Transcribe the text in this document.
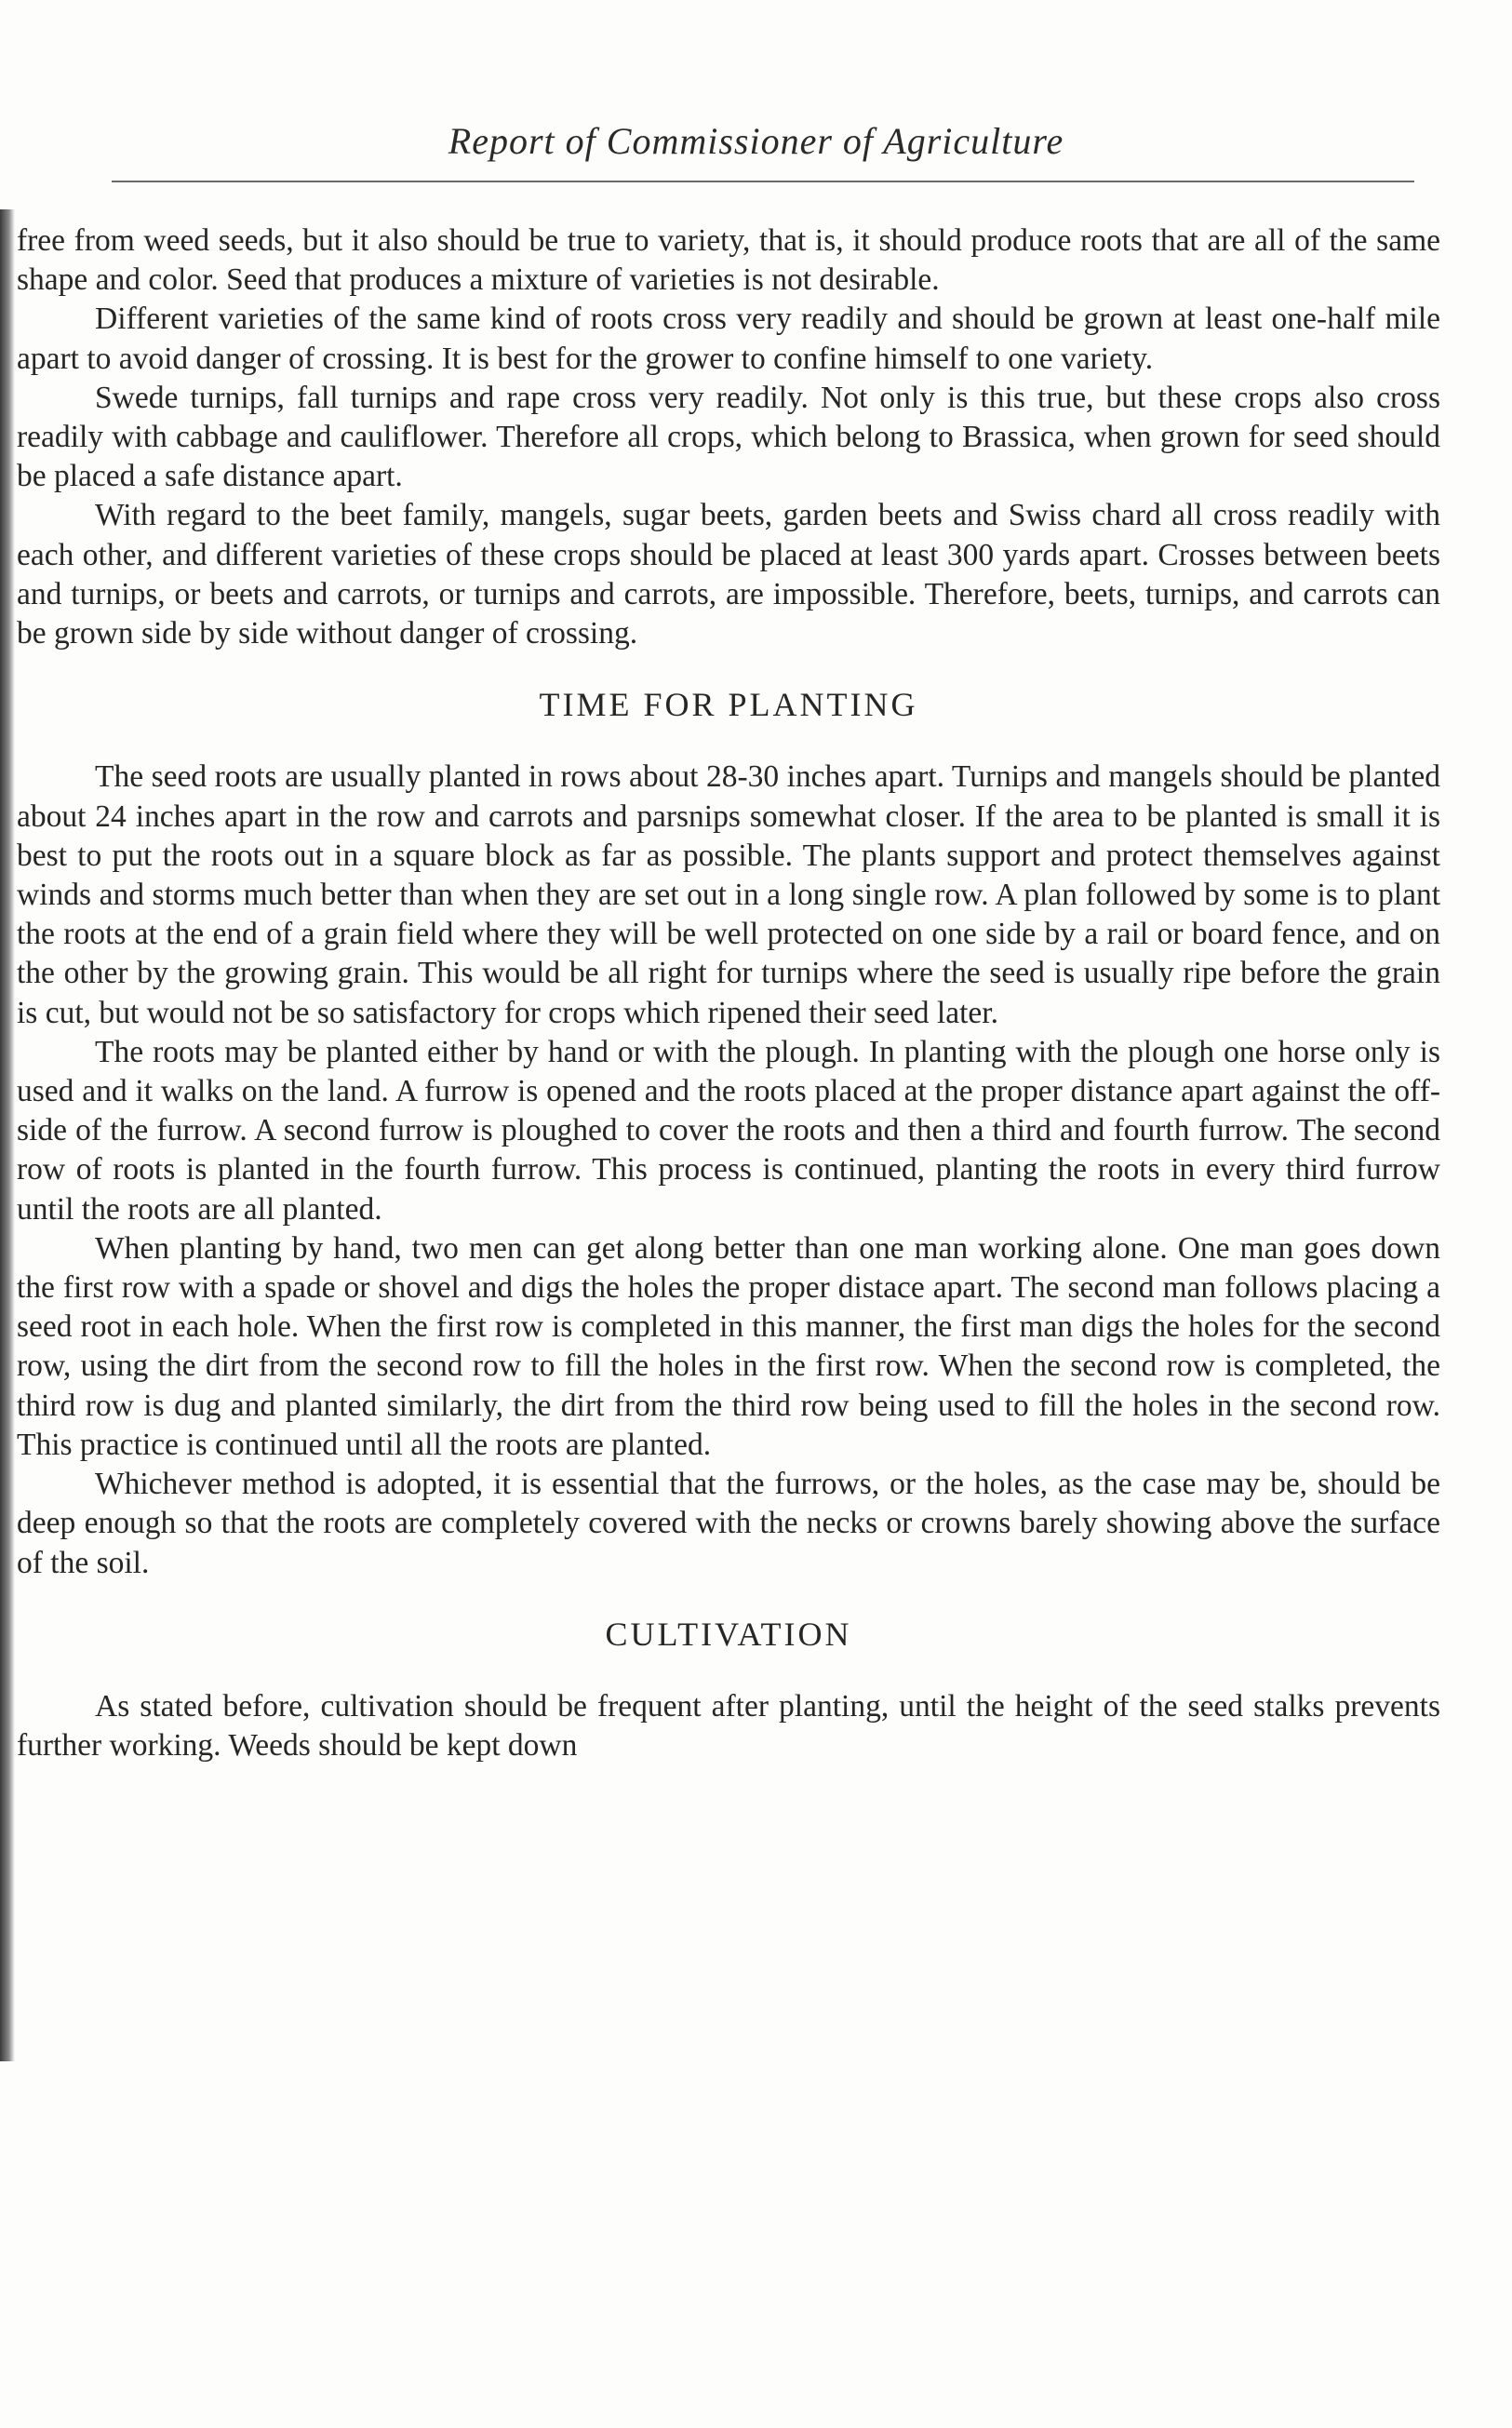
Report of Commissioner of Agriculture

free from weed seeds, but it also should be true to variety, that is, it should produce roots that are all of the same shape and color. Seed that produces a mixture of varieties is not desirable.

Different varieties of the same kind of roots cross very readily and should be grown at least one-half mile apart to avoid danger of crossing. It is best for the grower to confine himself to one variety.

Swede turnips, fall turnips and rape cross very readily. Not only is this true, but these crops also cross readily with cabbage and cauliflower. Therefore all crops, which belong to Brassica, when grown for seed should be placed a safe distance apart.

With regard to the beet family, mangels, sugar beets, garden beets and Swiss chard all cross readily with each other, and different varieties of these crops should be placed at least 300 yards apart. Crosses between beets and turnips, or beets and carrots, or turnips and carrots, are impossible. Therefore, beets, turnips, and carrots can be grown side by side without danger of crossing.

TIME FOR PLANTING

The seed roots are usually planted in rows about 28-30 inches apart. Turnips and mangels should be planted about 24 inches apart in the row and carrots and parsnips somewhat closer. If the area to be planted is small it is best to put the roots out in a square block as far as possible. The plants support and protect themselves against winds and storms much better than when they are set out in a long single row. A plan followed by some is to plant the roots at the end of a grain field where they will be well protected on one side by a rail or board fence, and on the other by the growing grain. This would be all right for turnips where the seed is usually ripe before the grain is cut, but would not be so satisfactory for crops which ripened their seed later.

The roots may be planted either by hand or with the plough. In planting with the plough one horse only is used and it walks on the land. A furrow is opened and the roots placed at the proper distance apart against the off-side of the furrow. A second furrow is ploughed to cover the roots and then a third and fourth furrow. The second row of roots is planted in the fourth furrow. This process is continued, planting the roots in every third furrow until the roots are all planted.

When planting by hand, two men can get along better than one man working alone. One man goes down the first row with a spade or shovel and digs the holes the proper distace apart. The second man follows placing a seed root in each hole. When the first row is completed in this manner, the first man digs the holes for the second row, using the dirt from the second row to fill the holes in the first row. When the second row is completed, the third row is dug and planted similarly, the dirt from the third row being used to fill the holes in the second row. This practice is continued until all the roots are planted.

Whichever method is adopted, it is essential that the furrows, or the holes, as the case may be, should be deep enough so that the roots are completely covered with the necks or crowns barely showing above the surface of the soil.

CULTIVATION

As stated before, cultivation should be frequent after planting, until the height of the seed stalks prevents further working. Weeds should be kept down
